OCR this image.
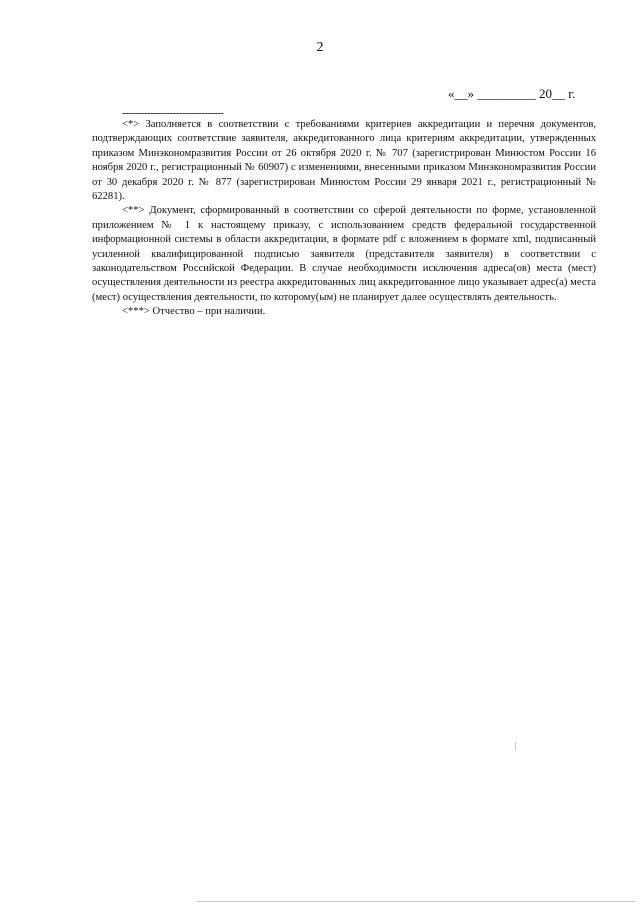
2
«__» _________ 20__ г.
--------------------------------

<*> Заполняется в соответствии с требованиями критериев аккредитации и перечня документов, подтверждающих соответствие заявителя, аккредитованного лица критериям аккредитации, утвержденных приказом Минэкономразвития России от 26 октября 2020 г. № 707 (зарегистрирован Минюстом России 16 ноября 2020 г., регистрационный № 60907) с изменениями, внесенными приказом Минэкономразвития России от 30 декабря 2020 г. № 877 (зарегистрирован Минюстом России 29 января 2021 г., регистрационный № 62281).

<**> Документ, сформированный в соответствии со сферой деятельности по форме, установленной приложением № 1 к настоящему приказу, с использованием средств федеральной государственной информационной системы в области аккредитации, в формате pdf с вложением в формате xml, подписанный усиленной квалифицированной подписью заявителя (представителя заявителя) в соответствии с законодательством Российской Федерации. В случае необходимости исключения адреса(ов) места (мест) осуществления деятельности из реестра аккредитованных лиц аккредитованное лицо указывает адрес(а) места (мест) осуществления деятельности, по которому(ым) не планирует далее осуществлять деятельность.

<***> Отчество – при наличии.
